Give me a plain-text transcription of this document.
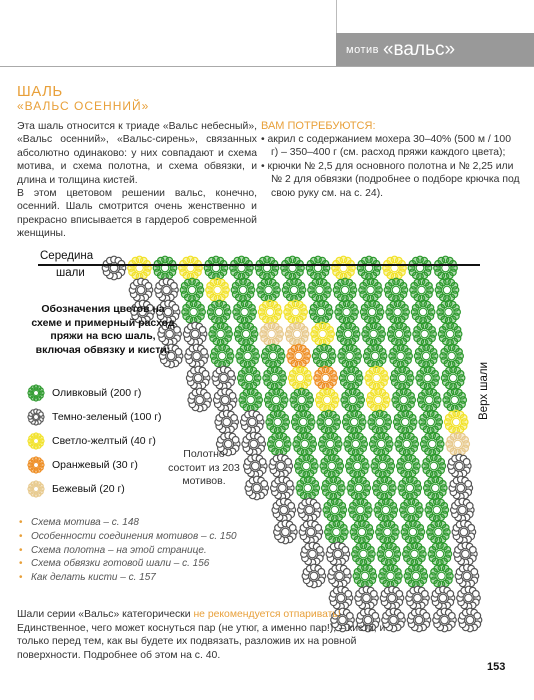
мотив «вальс»
ШАЛЬ
«ВАЛЬС ОСЕННИЙ»

Эта шаль относится к триаде «Вальс небесный», «Вальс осенний», «Вальс-сирень», связанных абсолютно одинаково: у них совпадают и схема мотива, и схема полотна, и схема обвязки, и длина и толщина кистей.

В этом цветовом решении вальс, конечно, осенний. Шаль смотрится очень женственно и прекрасно вписывается в гардероб современной женщины.

ВАМ ПОТРЕБУЮТСЯ:
• акрил с содержанием мохера 30–40% (500 м / 100 г) – 350–400 г (см. расход пряжи каждого цвета);
• крючки № 2,5 для основного полотна и № 2,25 или № 2 для обвязки (подробнее о подборе крючка под свою руку см. на с. 24).
Середина
шали
Верх шали
Обозначения цветов на схеме и примерный расход пряжи на всю шаль, включая обвязку и кисти:
Оливковый (200 г)
Темно-зеленый (100 г)
Светло-желтый (40 г)
Оранжевый (30 г)
Бежевый (20 г)
Полотно состоит из 203 мотивов.
• Схема мотива – с. 148
• Особенности соединения мотивов – с. 150
• Схема полотна – на этой странице.
• Схема обвязки готовой шали – с. 156
• Как делать кисти – с. 157
Шали серии «Вальс» категорически не рекомендуется отпаривать! Единственное, чего может коснуться пар (не утюг, а именно пар!), – кисти, и только перед тем, как вы будете их подвязать, разложив их на ровной поверхности. Подробнее об этом на с. 40.
153
